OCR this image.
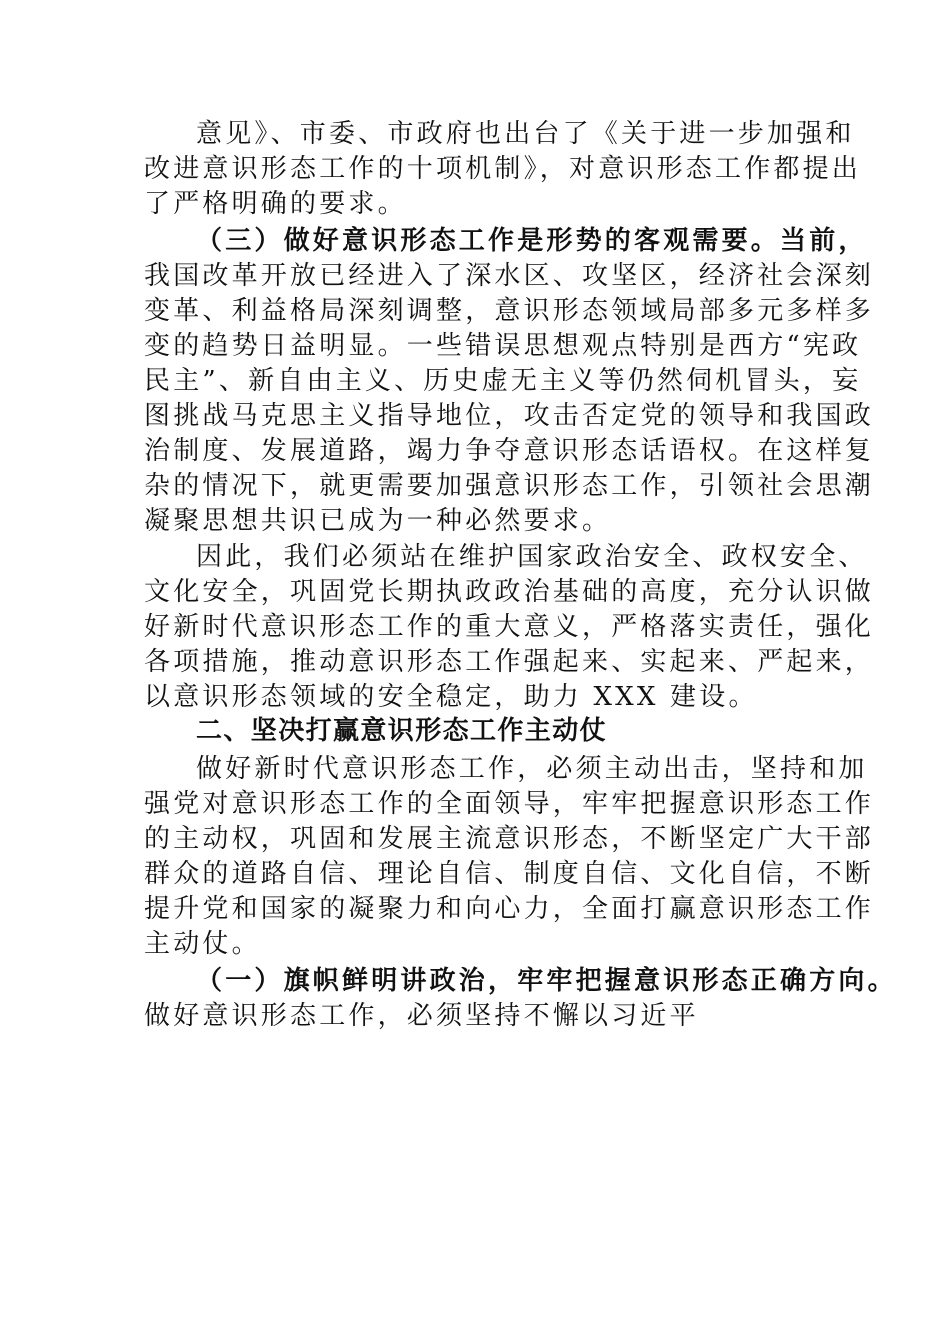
意见》、市委、市政府也出台了《关于进一步加强和
改进意识形态工作的十项机制》，对意识形态工作都提出
了严格明确的要求。
（三）做好意识形态工作是形势的客观需要。当前，
我国改革开放已经进入了深水区、攻坚区，经济社会深刻
变革、利益格局深刻调整，意识形态领域局部多元多样多
变的趋势日益明显。一些错误思想观点特别是西方“宪政
民主”、新自由主义、历史虚无主义等仍然伺机冒头，妄
图挑战马克思主义指导地位，攻击否定党的领导和我国政
治制度、发展道路，竭力争夺意识形态话语权。在这样复
杂的情况下，就更需要加强意识形态工作，引领社会思潮
凝聚思想共识已成为一种必然要求。
因此，我们必须站在维护国家政治安全、政权安全、
文化安全，巩固党长期执政政治基础的高度，充分认识做
好新时代意识形态工作的重大意义，严格落实责任，强化
各项措施，推动意识形态工作强起来、实起来、严起来，
以意识形态领域的安全稳定，助力 XXX 建设。
二、坚决打赢意识形态工作主动仗
做好新时代意识形态工作，必须主动出击，坚持和加
强党对意识形态工作的全面领导，牢牢把握意识形态工作
的主动权，巩固和发展主流意识形态，不断坚定广大干部
群众的道路自信、理论自信、制度自信、文化自信，不断
提升党和国家的凝聚力和向心力，全面打赢意识形态工作
主动仗。
（一）旗帜鲜明讲政治，牢牢把握意识形态正确方向。
做好意识形态工作，必须坚持不懈以习近平
